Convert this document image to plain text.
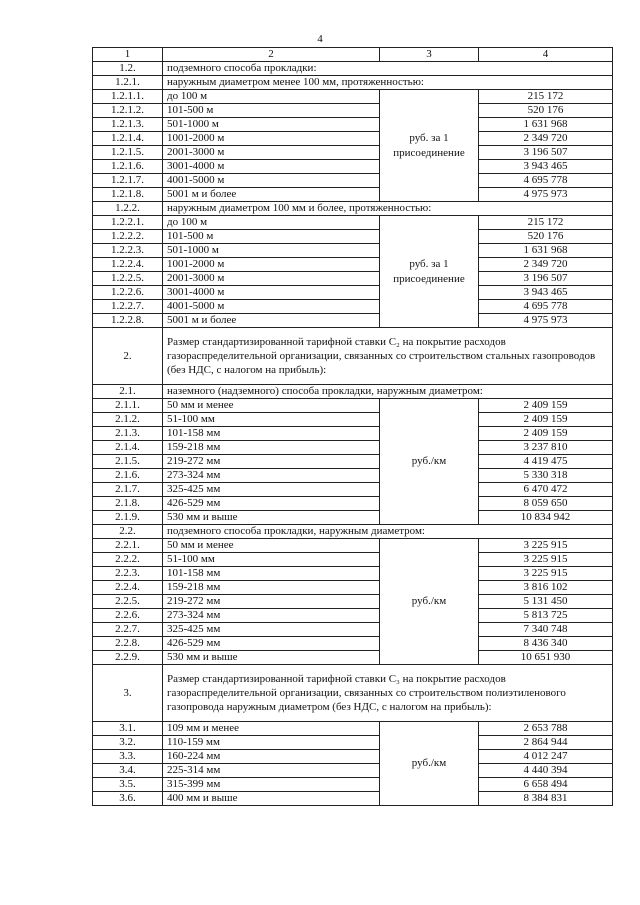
4
1	2	3	4
1.2.	подземного способа прокладки:		
1.2.1.	наружным диаметром менее 100 мм, протяженностью:		
1.2.1.1.	до 100 м	руб. за 1 присоединение	215 172
1.2.1.2.	101-500 м		520 176
1.2.1.3.	501-1000 м		1 631 968
1.2.1.4.	1001-2000 м		2 349 720
1.2.1.5.	2001-3000 м		3 196 507
1.2.1.6.	3001-4000 м		3 943 465
1.2.1.7.	4001-5000 м		4 695 778
1.2.1.8.	5001 м и более		4 975 973
1.2.2.	наружным диаметром 100 мм и более, протяженностью:		
1.2.2.1.	до 100 м	руб. за 1 присоединение	215 172
1.2.2.2.	101-500 м		520 176
1.2.2.3.	501-1000 м		1 631 968
1.2.2.4.	1001-2000 м		2 349 720
1.2.2.5.	2001-3000 м		3 196 507
1.2.2.6.	3001-4000 м		3 943 465
1.2.2.7.	4001-5000 м		4 695 778
1.2.2.8.	5001 м и более		4 975 973
2.	Размер стандартизированной тарифной ставки C₂ на покрытие расходов газораспределительной организации, связанных со строительством стальных газопроводов (без НДС, с налогом на прибыль):		
2.1.	наземного (надземного) способа прокладки, наружным диаметром:		
2.1.1.	50 мм и менее	руб./км	2 409 159
2.1.2.	51-100 мм		2 409 159
2.1.3.	101-158 мм		2 409 159
2.1.4.	159-218 мм		3 237 810
2.1.5.	219-272 мм		4 419 475
2.1.6.	273-324 мм		5 330 318
2.1.7.	325-425 мм		6 470 472
2.1.8.	426-529 мм		8 059 650
2.1.9.	530 мм и выше		10 834 942
2.2.	подземного способа прокладки, наружным диаметром:		
2.2.1.	50 мм и менее	руб./км	3 225 915
2.2.2.	51-100 мм		3 225 915
2.2.3.	101-158 мм		3 225 915
2.2.4.	159-218 мм		3 816 102
2.2.5.	219-272 мм		5 131 450
2.2.6.	273-324 мм		5 813 725
2.2.7.	325-425 мм		7 340 748
2.2.8.	426-529 мм		8 436 340
2.2.9.	530 мм и выше		10 651 930
3.	Размер стандартизированной тарифной ставки C₃ на покрытие расходов газораспределительной организации, связанных со строительством полиэтиленового газопровода наружным диаметром (без НДС, с налогом на прибыль):		
3.1.	109 мм и менее	руб./км	2 653 788
3.2.	110-159 мм		2 864 944
3.3.	160-224 мм		4 012 247
3.4.	225-314 мм		4 440 394
3.5.	315-399 мм		6 658 494
3.6.	400 мм и выше		8 384 831
